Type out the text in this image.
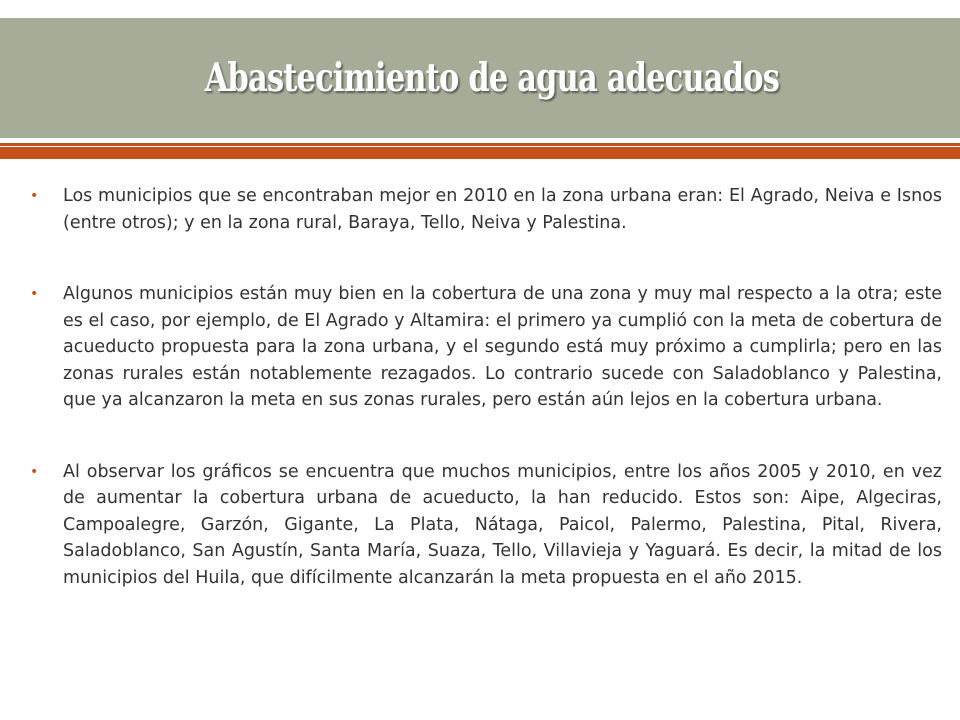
Abastecimiento de agua adecuados

• Los municipios que se encontraban mejor en 2010 en la zona urbana eran: El Agrado, Neiva e Isnos (entre otros); y en la zona rural, Baraya, Tello, Neiva y Palestina.

• Algunos municipios están muy bien en la cobertura de una zona y muy mal respecto a la otra; este es el caso, por ejemplo, de El Agrado y Altamira: el primero ya cumplió con la meta de cobertura de acueducto propuesta para la zona urbana, y el segundo está muy próximo a cumplirla; pero en las zonas rurales están notablemente rezagados. Lo contrario sucede con Saladoblanco y Palestina, que ya alcanzaron la meta en sus zonas rurales, pero están aún lejos en la cobertura urbana.

• Al observar los gráficos se encuentra que muchos municipios, entre los años 2005 y 2010, en vez de aumentar la cobertura urbana de acueducto, la han reducido. Estos son: Aipe, Algeciras, Campoalegre, Garzón, Gigante, La Plata, Nátaga, Paicol, Palermo, Palestina, Pital, Rivera, Saladoblanco, San Agustín, Santa María, Suaza, Tello, Villavieja y Yaguará. Es decir, la mitad de los municipios del Huila, que difícilmente alcanzarán la meta propuesta en el año 2015.
